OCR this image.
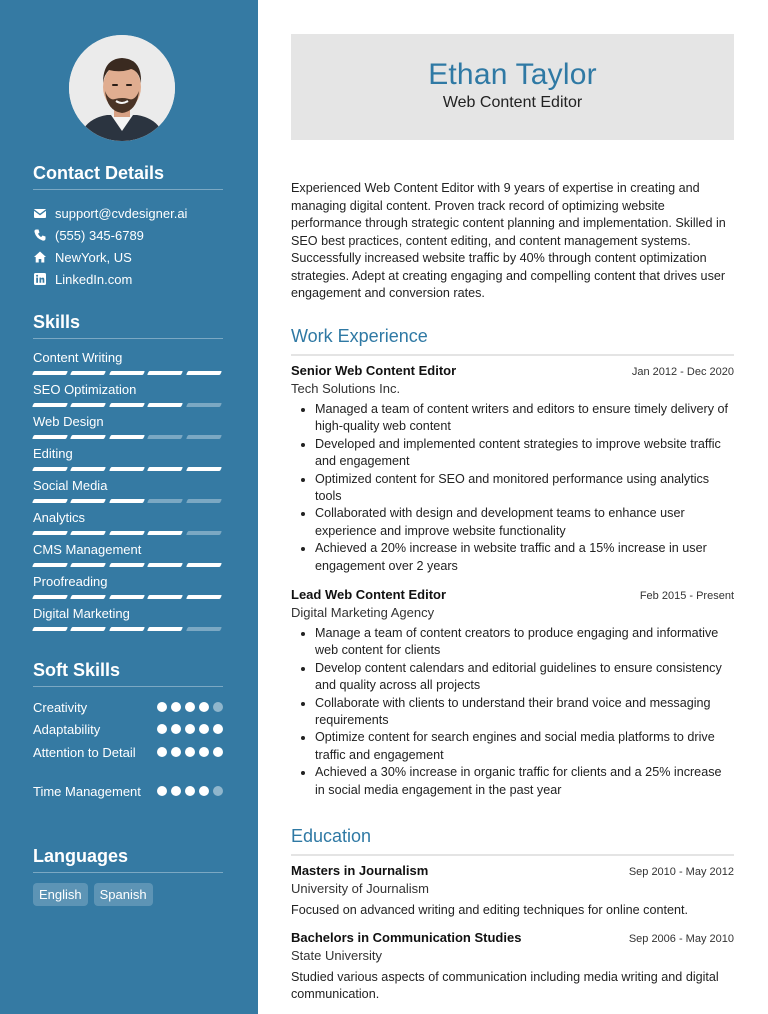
Contact Details
support@cvdesigner.ai
(555) 345-6789
NewYork, US
LinkedIn.com
Skills
Content Writing
SEO Optimization
Web Design
Editing
Social Media
Analytics
CMS Management
Proofreading
Digital Marketing
Soft Skills
Creativity
Adaptability
Attention to Detail
Time Management
Languages
English	Spanish
Ethan Taylor
Web Content Editor
Experienced Web Content Editor with 9 years of expertise in creating and managing digital content. Proven track record of optimizing website performance through strategic content planning and implementation. Skilled in SEO best practices, content editing, and content management systems. Successfully increased website traffic by 40% through content optimization strategies. Adept at creating engaging and compelling content that drives user engagement and conversion rates.
Work Experience
Senior Web Content Editor	Jan 2012 - Dec 2020
Tech Solutions Inc.
• Managed a team of content writers and editors to ensure timely delivery of high-quality web content
• Developed and implemented content strategies to improve website traffic and engagement
• Optimized content for SEO and monitored performance using analytics tools
• Collaborated with design and development teams to enhance user experience and improve website functionality
• Achieved a 20% increase in website traffic and a 15% increase in user engagement over 2 years
Lead Web Content Editor	Feb 2015 - Present
Digital Marketing Agency
• Manage a team of content creators to produce engaging and informative web content for clients
• Develop content calendars and editorial guidelines to ensure consistency and quality across all projects
• Collaborate with clients to understand their brand voice and messaging requirements
• Optimize content for search engines and social media platforms to drive traffic and engagement
• Achieved a 30% increase in organic traffic for clients and a 25% increase in social media engagement in the past year
Education
Masters in Journalism	Sep 2010 - May 2012
University of Journalism
Focused on advanced writing and editing techniques for online content.
Bachelors in Communication Studies	Sep 2006 - May 2010
State University
Studied various aspects of communication including media writing and digital communication.
